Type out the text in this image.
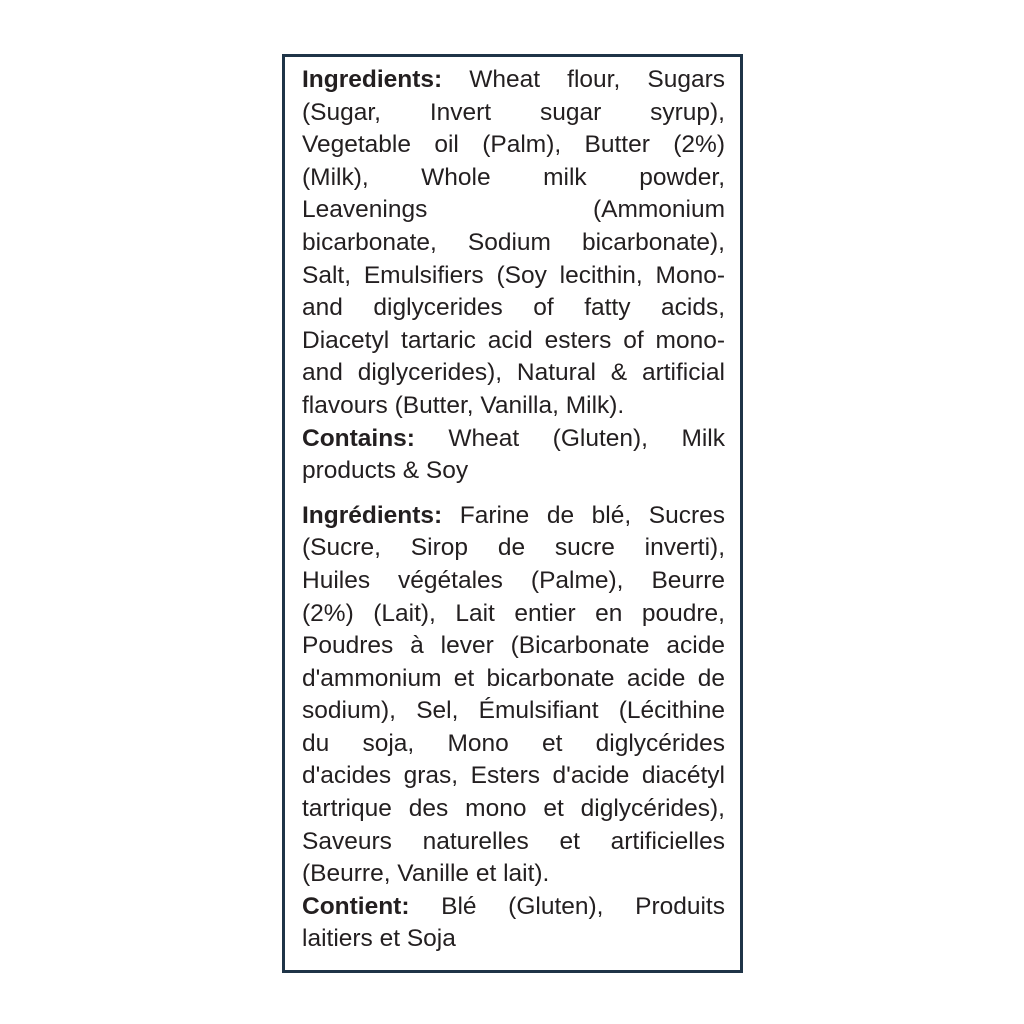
Ingredients: Wheat flour, Sugars
(Sugar, Invert sugar syrup),
Vegetable oil (Palm), Butter (2%)
(Milk), Whole milk powder,
Leavenings (Ammonium
bicarbonate, Sodium bicarbonate),
Salt, Emulsifiers (Soy lecithin, Mono-
and diglycerides of fatty acids,
Diacetyl tartaric acid esters of mono-
and diglycerides), Natural & artificial
flavours (Butter, Vanilla, Milk).
Contains: Wheat (Gluten), Milk
products & Soy
Ingrédients: Farine de blé, Sucres
(Sucre, Sirop de sucre inverti),
Huiles végétales (Palme), Beurre
(2%) (Lait), Lait entier en poudre,
Poudres à lever (Bicarbonate acide
d'ammonium et bicarbonate acide de
sodium), Sel, Émulsifiant (Lécithine
du soja, Mono et diglycérides
d'acides gras, Esters d'acide diacétyl
tartrique des mono et diglycérides),
Saveurs naturelles et artificielles
(Beurre, Vanille et lait).
Contient: Blé (Gluten), Produits
laitiers et Soja
